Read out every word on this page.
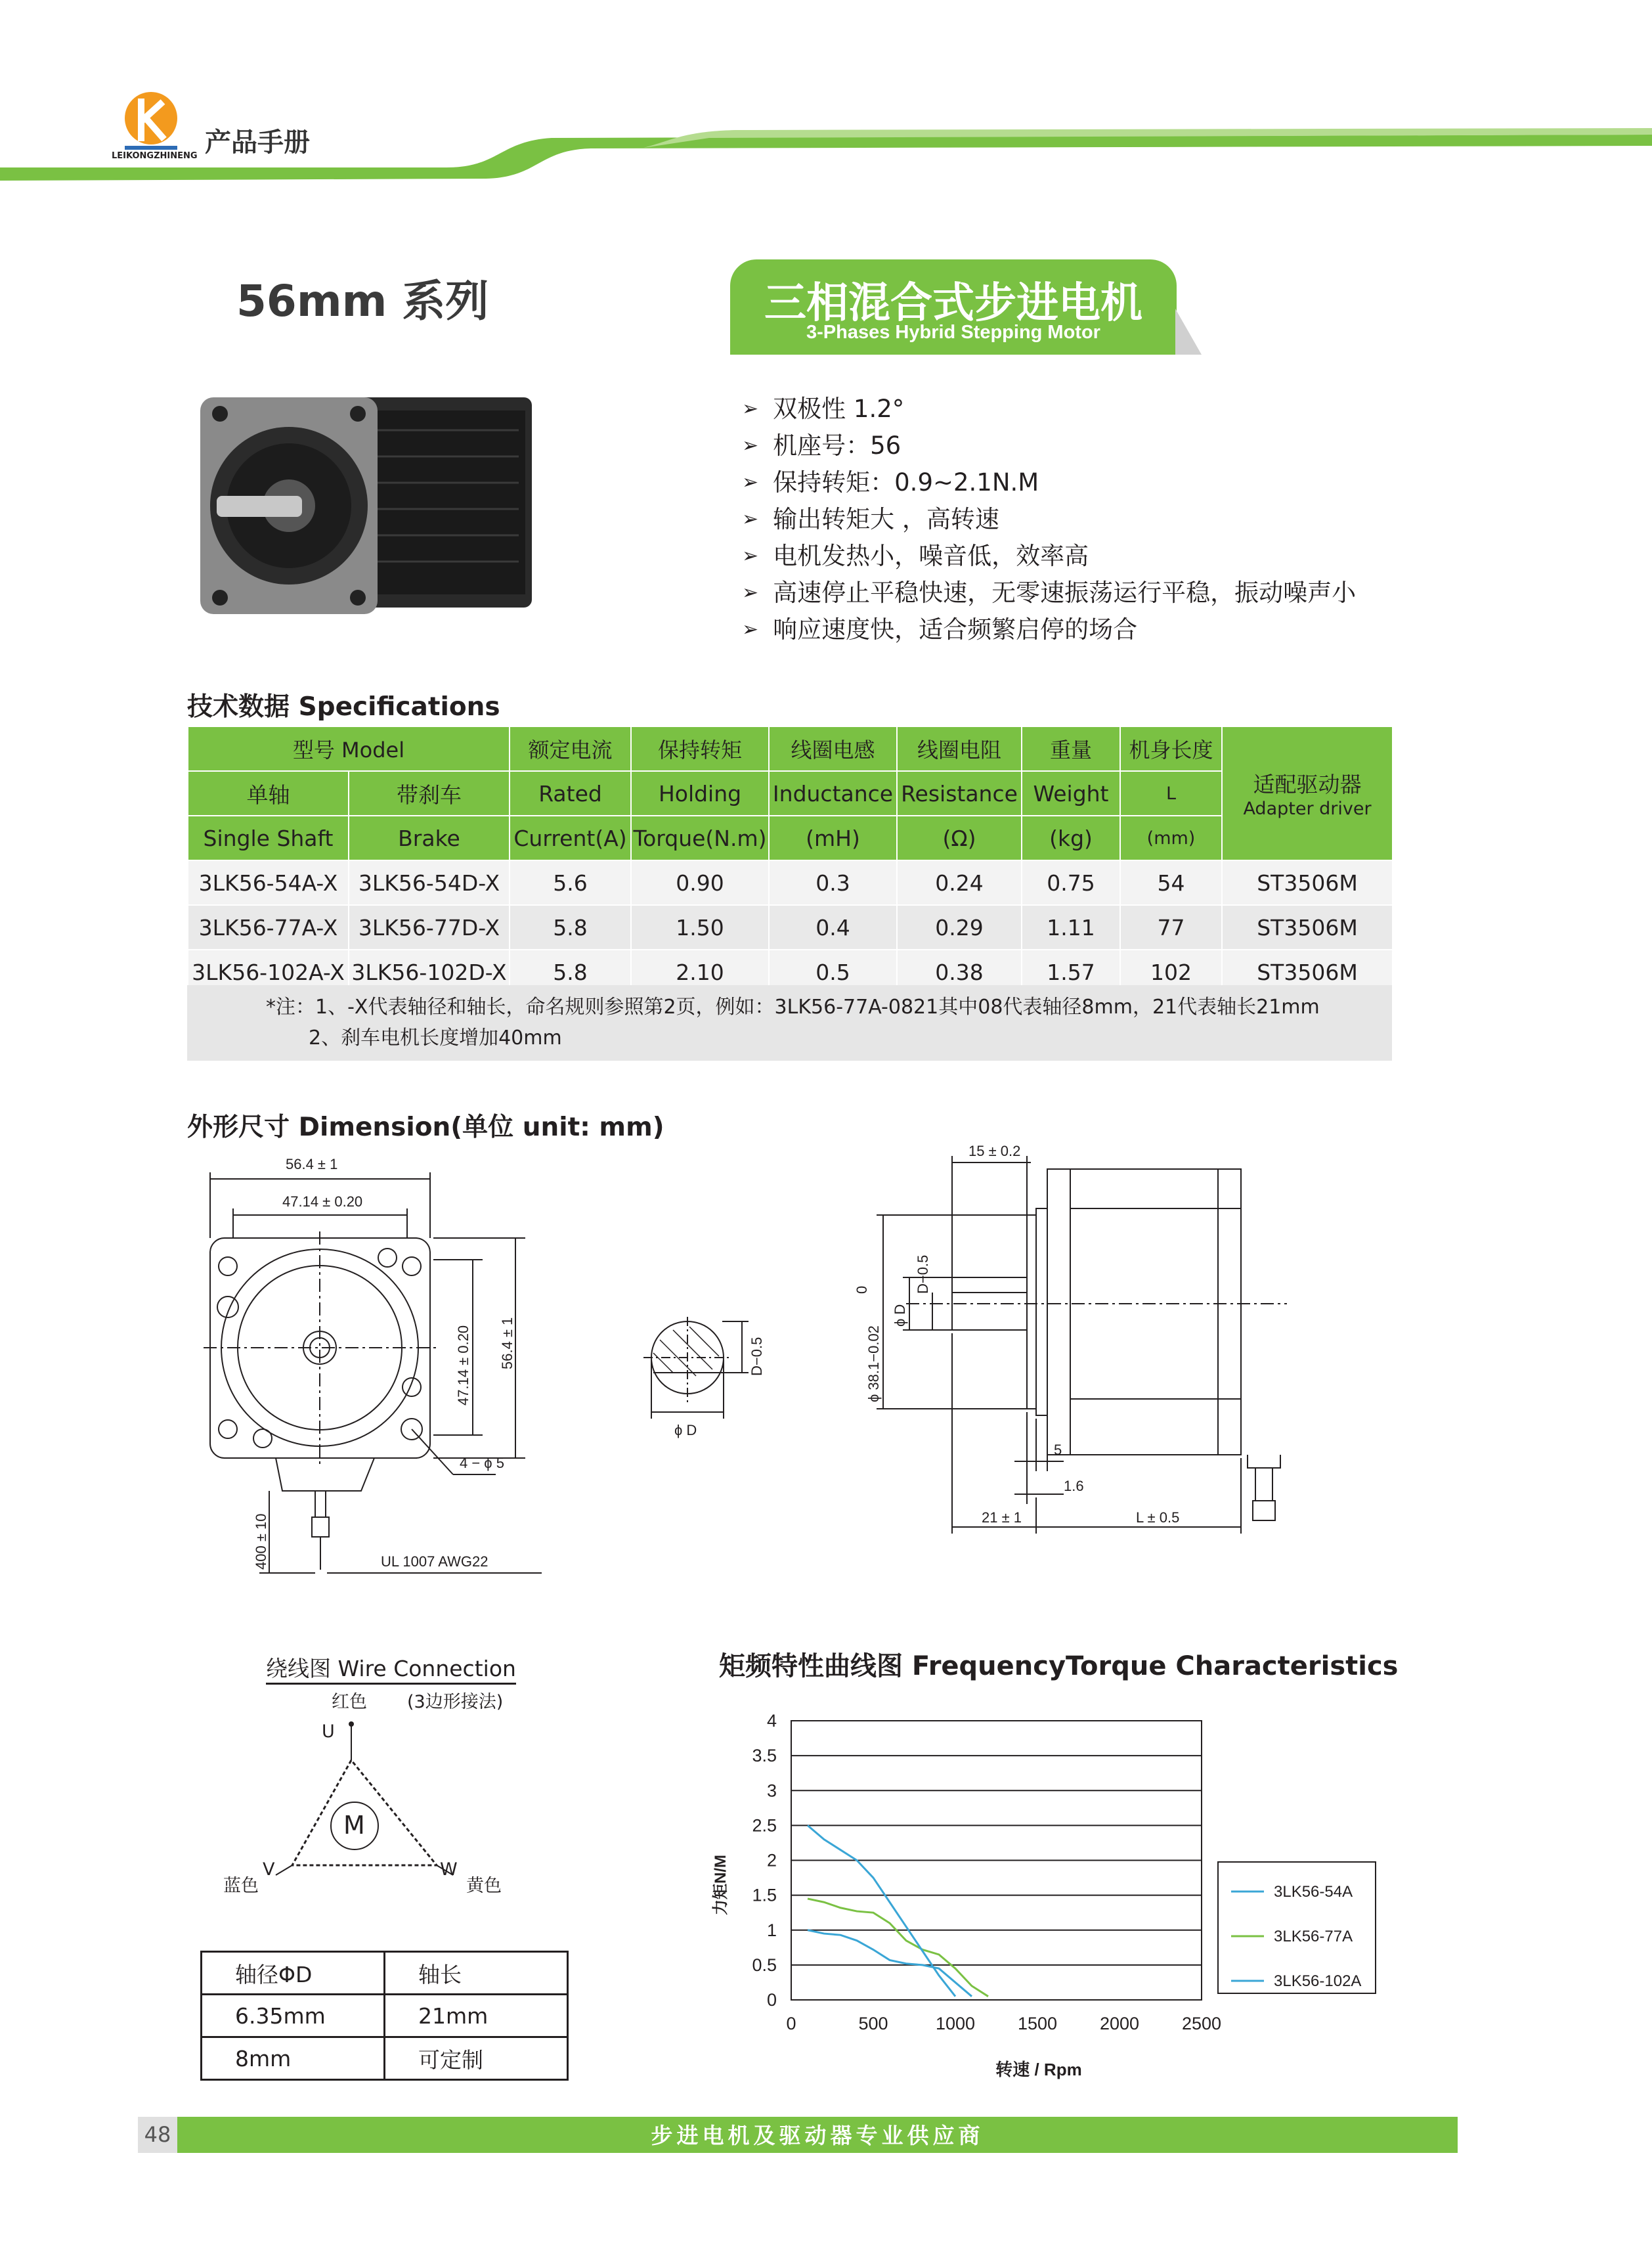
LEIKONGZHINENG 产品手册
56mm 系列	三相混合式步进电机
3-Phases Hybrid Stepping Motor
➢ 双极性 1.2°
➢ 机座号：56
➢ 保持转矩：0.9~2.1N.M
➢ 输出转矩大 ，高转速
➢ 电机发热小，噪音低，效率高
➢ 高速停止平稳快速，无零速振荡运行平稳，振动噪声小
➢ 响应速度快，适合频繁启停的场合
技术数据 Specifications
型号 Model		额定电流	保持转矩	线圈电感	线圈电阻	重量	机身长度	适配驱动器
Adapter driver

单轴	带刹车	Rated	Holding	Inductance	Resistance	Weight	L	
Single Shaft	Brake	Current(A)	Torque(N.m)	(mH)	(Ω)	(kg)	(mm)	
3LK56-54A-X	3LK56-54D-X	5.6	0.90	0.3	0.24	0.75	54	ST3506M
3LK56-77A-X	3LK56-77D-X	5.8	1.50	0.4	0.29	1.11	77	ST3506M
3LK56-102A-X	3LK56-102D-X	5.8	2.10	0.5	0.38	1.57	102	ST3506M
*注：1、-X代表轴径和轴长，命名规则参照第2页，例如：3LK56-77A-0821其中08代表轴径8mm，21代表轴长21mm
2、刹车电机长度增加40mm
外形尺寸 Dimension(单位 unit: mm)
56.4 ± 1
47.14 ± 0.20
56.4 ± 1
47.14 ± 0.20
4 − ϕ 5
400 ± 10	UL 1007 AWG22
ϕ D
D−0.5
15 ± 0.2
ϕ 38.1−0.02
0
ϕ D
D−0.5
5
1.6
21 ± 1	L ± 0.5
绕线图 Wire Connection
M
红色 (3边形接法)
U
V
蓝色
W
黄色
轴径ΦD	轴长
6.35mm	21mm
8mm	可定制
矩频特性曲线图 FrequencyTorque Characteristics
0
0.5
1
1.5
2
2.5
3
3.5
4
0	500	1000 1500 2000 2500
3LK56-54A
3LK56-77A
3LK56-102A
力矩N/M
转速 / Rpm
48	步进电机及驱动器专业供应商
